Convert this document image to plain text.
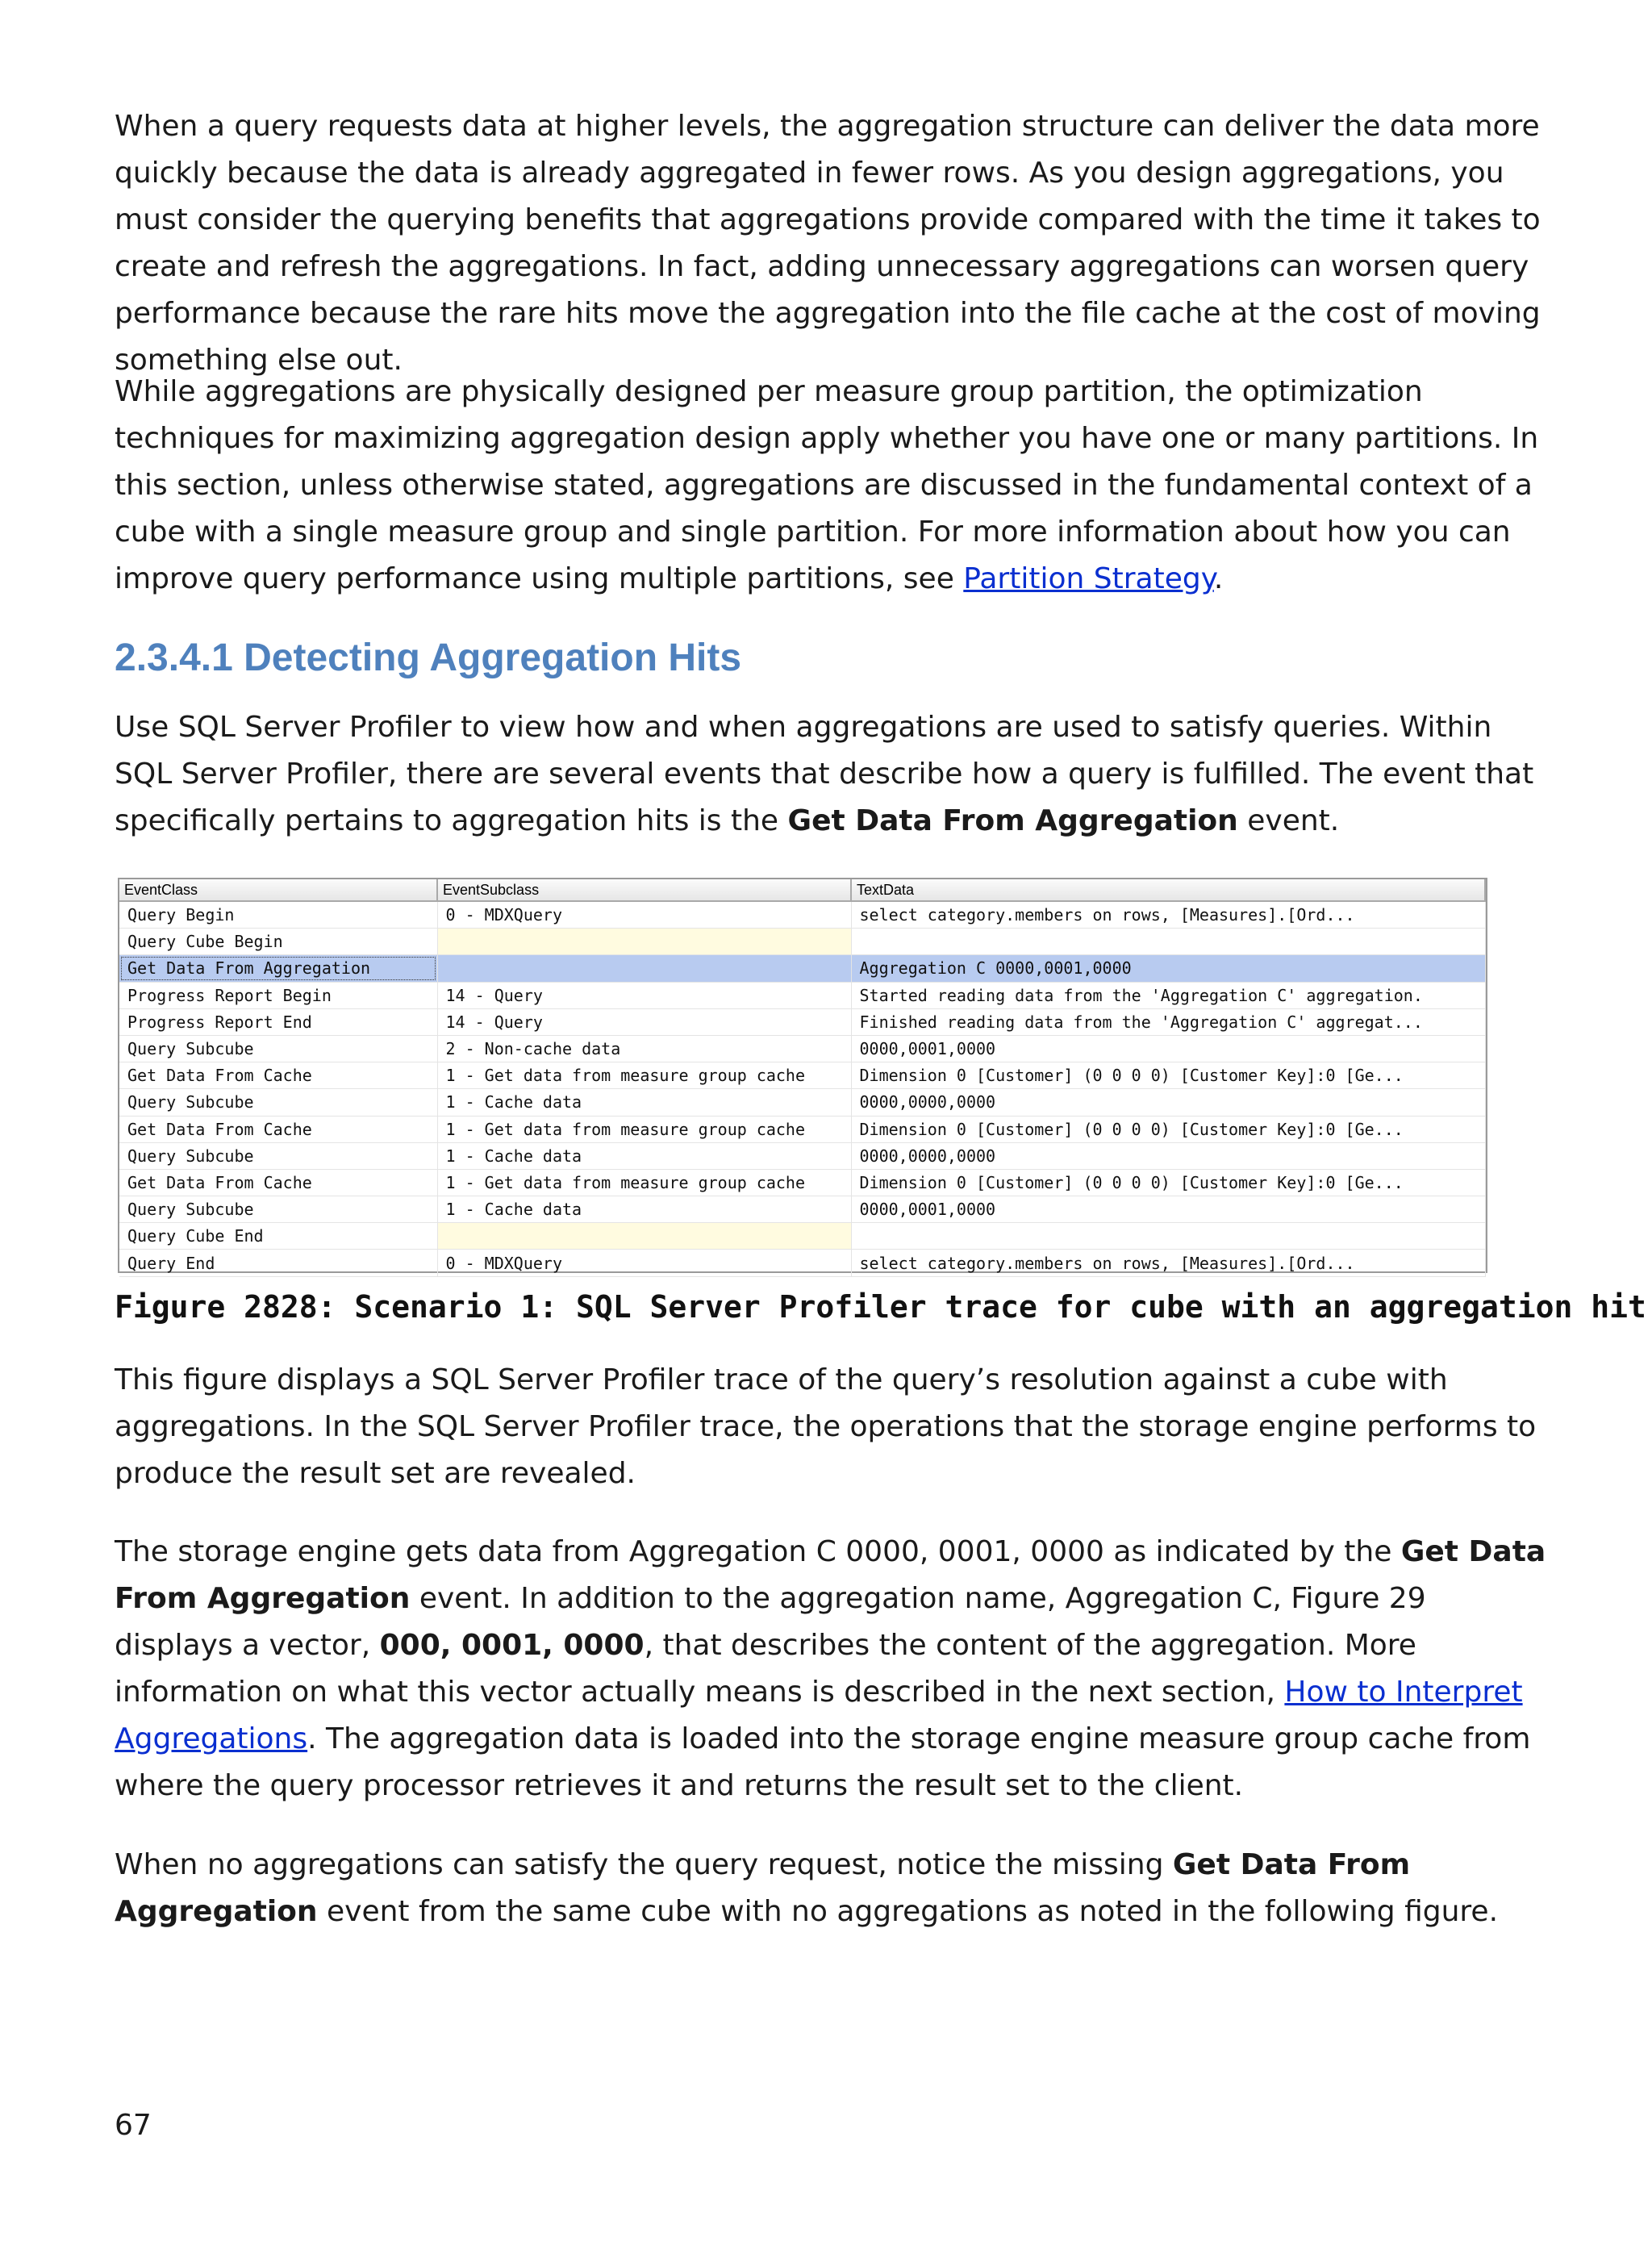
When a query requests data at higher levels, the aggregation structure can deliver the data more quickly because the data is already aggregated in fewer rows. As you design aggregations, you must consider the querying benefits that aggregations provide compared with the time it takes to create and refresh the aggregations. In fact, adding unnecessary aggregations can worsen query performance because the rare hits move the aggregation into the file cache at the cost of moving something else out.

While aggregations are physically designed per measure group partition, the optimization techniques for maximizing aggregation design apply whether you have one or many partitions. In this section, unless otherwise stated, aggregations are discussed in the fundamental context of a cube with a single measure group and single partition. For more information about how you can improve query performance using multiple partitions, see Partition Strategy.

2.3.4.1 Detecting Aggregation Hits

Use SQL Server Profiler to view how and when aggregations are used to satisfy queries. Within SQL Server Profiler, there are several events that describe how a query is fulfilled. The event that specifically pertains to aggregation hits is the Get Data From Aggregation event.

EventClass	EventSubclass	TextData
Query Begin	0 - MDXQuery	select category.members on rows, [Measures].[Ord...
Query Cube Begin		
Get Data From Aggregation		Aggregation C 0000,0001,0000
Progress Report Begin	14 - Query	Started reading data from the 'Aggregation C' aggregation.
Progress Report End	14 - Query	Finished reading data from the 'Aggregation C' aggregat...
Query Subcube	2 - Non-cache data	0000,0001,0000
Get Data From Cache	1 - Get data from measure group cache	Dimension 0 [Customer] (0 0 0 0) [Customer Key]:0 [Ge...
Query Subcube	1 - Cache data	0000,0000,0000
Get Data From Cache	1 - Get data from measure group cache	Dimension 0 [Customer] (0 0 0 0) [Customer Key]:0 [Ge...
Query Subcube	1 - Cache data	0000,0000,0000
Get Data From Cache	1 - Get data from measure group cache	Dimension 0 [Customer] (0 0 0 0) [Customer Key]:0 [Ge...
Query Subcube	1 - Cache data	0000,0001,0000
Query Cube End		
Query End	0 - MDXQuery	select category.members on rows, [Measures].[Ord...

Figure 2828: Scenario 1: SQL Server Profiler trace for cube with an aggregation hit

This figure displays a SQL Server Profiler trace of the query’s resolution against a cube with aggregations. In the SQL Server Profiler trace, the operations that the storage engine performs to produce the result set are revealed.

The storage engine gets data from Aggregation C 0000, 0001, 0000 as indicated by the Get Data From Aggregation event. In addition to the aggregation name, Aggregation C, Figure 29 displays a vector, 000, 0001, 0000, that describes the content of the aggregation. More information on what this vector actually means is described in the next section, How to Interpret Aggregations. The aggregation data is loaded into the storage engine measure group cache from where the query processor retrieves it and returns the result set to the client.

When no aggregations can satisfy the query request, notice the missing Get Data From Aggregation event from the same cube with no aggregations as noted in the following figure.

67
